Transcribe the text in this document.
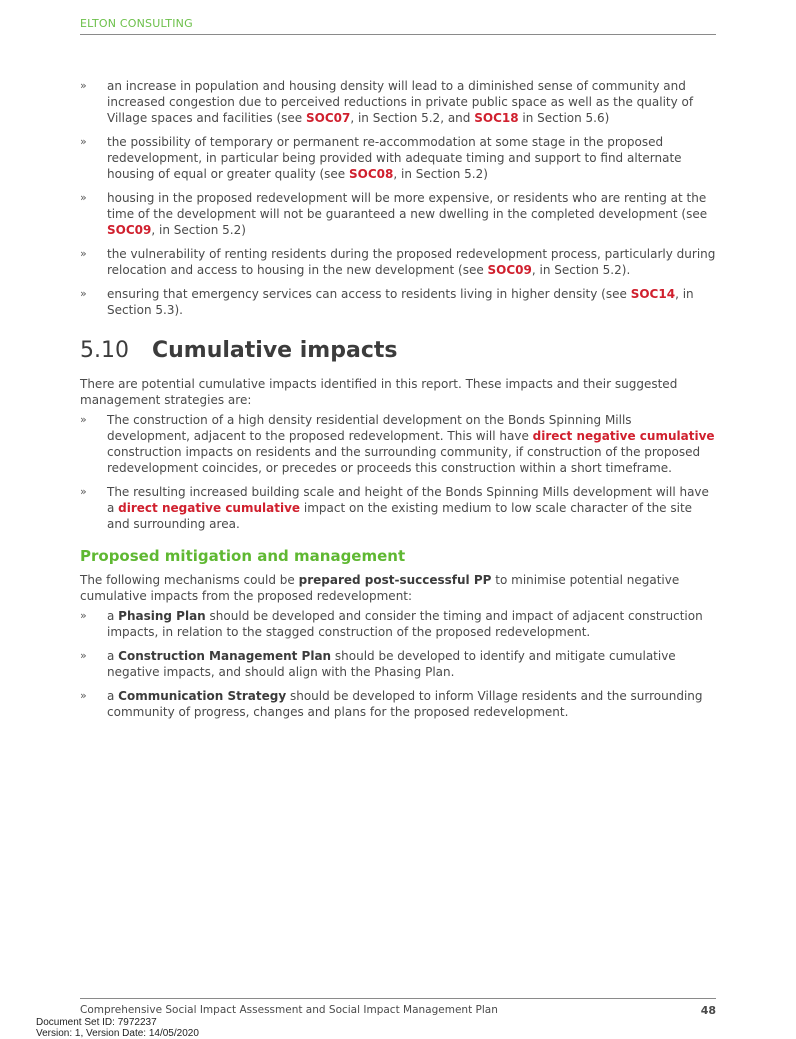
ELTON CONSULTING
» an increase in population and housing density will lead to a diminished sense of community and increased congestion due to perceived reductions in private public space as well as the quality of Village spaces and facilities (see SOC07, in Section 5.2, and SOC18 in Section 5.6)
» the possibility of temporary or permanent re-accommodation at some stage in the proposed redevelopment, in particular being provided with adequate timing and support to find alternate housing of equal or greater quality (see SOC08, in Section 5.2)
» housing in the proposed redevelopment will be more expensive, or residents who are renting at the time of the development will not be guaranteed a new dwelling in the completed development (see SOC09, in Section 5.2)
» the vulnerability of renting residents during the proposed redevelopment process, particularly during relocation and access to housing in the new development (see SOC09, in Section 5.2).
» ensuring that emergency services can access to residents living in higher density (see SOC14, in Section 5.3).
5.10 Cumulative impacts

There are potential cumulative impacts identified in this report. These impacts and their suggested management strategies are:

» The construction of a high density residential development on the Bonds Spinning Mills development, adjacent to the proposed redevelopment. This will have direct negative cumulative construction impacts on residents and the surrounding community, if construction of the proposed redevelopment coincides, or precedes or proceeds this construction within a short timeframe.
» The resulting increased building scale and height of the Bonds Spinning Mills development will have a direct negative cumulative impact on the existing medium to low scale character of the site and surrounding area.
Proposed mitigation and management

The following mechanisms could be prepared post-successful PP to minimise potential negative cumulative impacts from the proposed redevelopment:

» a Phasing Plan should be developed and consider the timing and impact of adjacent construction impacts, in relation to the stagged construction of the proposed redevelopment.
» a Construction Management Plan should be developed to identify and mitigate cumulative negative impacts, and should align with the Phasing Plan.
» a Communication Strategy should be developed to inform Village residents and the surrounding community of progress, changes and plans for the proposed redevelopment.
Comprehensive Social Impact Assessment and Social Impact Management Plan	48
Document Set ID: 7972237
Version: 1, Version Date: 14/05/2020
